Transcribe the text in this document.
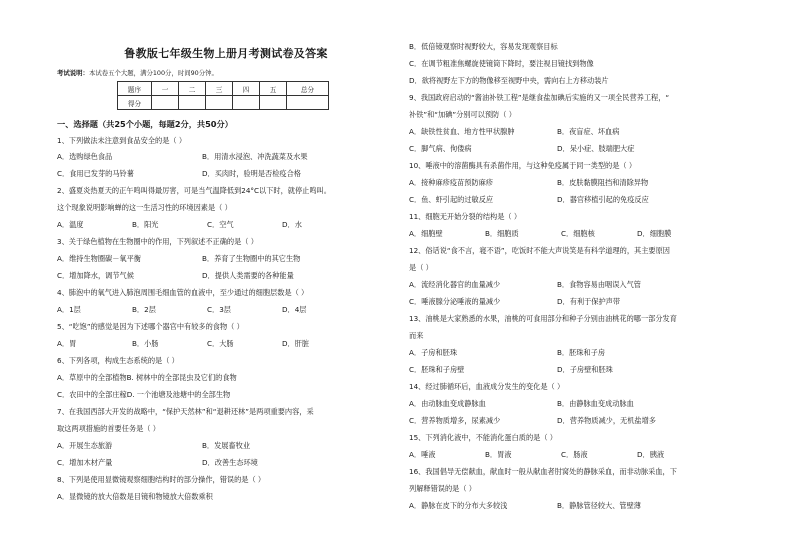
鲁教版七年级生物上册月考测试卷及答案
考试说明：本试卷五个大题，满分100分，时间90分钟。
题序	一	二	三	四	五	总分
得分						
一、选择题（共25个小题，每题2分，共50分）
1、下列做法未注意到食品安全的是（ ）
A．选购绿色食品	B．用清水浸泡、冲洗蔬菜及水果
C．食用已发芽的马铃薯	D．买肉时，验明是否检疫合格
2、盛夏炎热夏天的正午鸣叫得最厉害，可是当气温降低到24°C以下时，就停止鸣叫。
这个现象说明影响蝉的这一生活习性的环境因素是（ ）
A．温度	B．阳光	C．空气	D．水
3、关于绿色植物在生物圈中的作用，下列叙述不正确的是（ ）
A．维持生物圈碳－氧平衡	B．养育了生物圈中的其它生物
C．增加降水，调节气候	D．提供人类需要的各种能量
4、肺泡中的氧气进入肺泡周围毛细血管的血液中，至少通过的细胞层数是（ ）
A．1层	B．2层	C．3层	D．4层
5、“吃饱”的感觉是因为下述哪个器官中有较多的食物（ ）
A．胃	B．小肠	C．大肠	D．肝脏
6、下列各项，构成生态系统的是（ ）
A．草原中的全部植物B. 树林中的全部昆虫及它们的食物
C．农田中的全部庄稼D. 一个池塘及池塘中的全部生物
7、在我国西部大开发的战略中，“保护天然林”和“退耕还林”是两项重要内容，采
取这两项措施的首要任务是（ ）
A．开展生态旅游	B．发展畜牧业
C．增加木材产量	D．改善生态环境
8、下列是使用显微镜观察细胞结构时的部分操作，错误的是（ ）
A．显微镜的放大倍数是目镜和物镜放大倍数乘积
B．低倍镜观察时视野较大，容易发现观察目标
C．在调节粗准焦螺旋使镜筒下降时，要注视目镜找到物像
D．欲将视野左下方的物像移至视野中央，需向右上方移动装片
9、我国政府启动的“酱油补铁工程”是继食盐加碘后实施的又一项全民营养工程，“
补铁”和“加碘”分别可以预防（ ）
A．缺铁性贫血、地方性甲状腺肿	B．夜盲症、坏血病
C．脚气病、佝偻病	D．呆小症、肢端肥大症
10、唾液中的溶菌酶具有杀菌作用，与这种免疫属于同一类型的是（ ）
A．接种麻疹疫苗预防麻疹	B．皮肤黏膜阻挡和清除异物
C．鱼、虾引起的过敏反应	D．器官移植引起的免疫反应
11、细胞无开始分裂的结构是（ ）
A．细胞壁	B．细胞质	C．细胞核	D．细胞膜
12、俗话说“食不言，寝不语”，吃饭时不能大声说笑是有科学道理的，其主要原因
是（ ）
A．流经消化器官的血量减少	B．食物容易由咽误入气管
C．唾液腺分泌唾液的量减少	D．有利于保护声带
13、油桃是大家熟悉的水果，油桃的可食用部分和种子分别由油桃花的哪一部分发育
而来
A．子房和胚珠	B．胚珠和子房
C．胚珠和子房壁	D．子房壁和胚珠
14、经过肺循环后，血液成分发生的变化是（ ）
A．由动脉血变成静脉血	B．由静脉血变成动脉血
C．营养物质增多，尿素减少	D．营养物质减少，无机盐增多
15、下列消化液中，不能消化蛋白质的是（ ）
A．唾液	B．胃液	C．肠液	D．胰液
16、我国倡导无偿献血，献血时一般从献血者肘窝处的静脉采血，而非动脉采血，下
列解释错误的是（ ）
A．静脉在皮下的分布大多较浅	B．静脉管径较大、管壁薄
